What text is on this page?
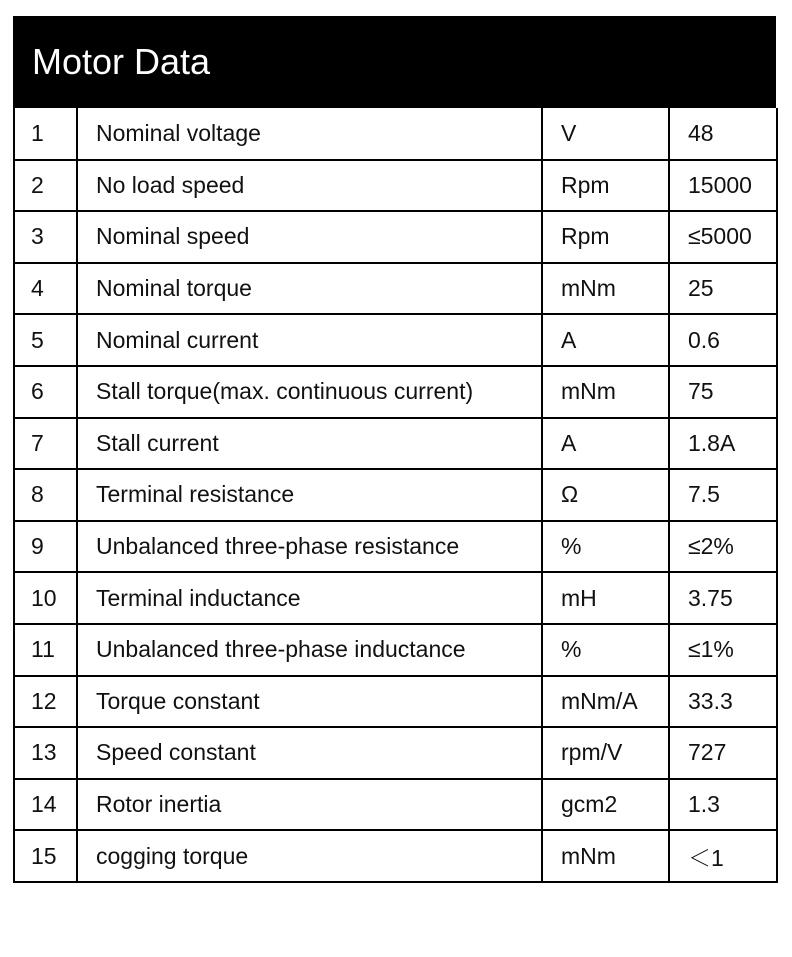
Motor Data
1	Nominal voltage	V	48
2	No load speed	Rpm	15000
3	Nominal speed	Rpm	≤5000
4	Nominal torque	mNm	25
5	Nominal current	A	0.6
6	Stall torque(max. continuous current)	mNm	75
7	Stall current	A	1.8A
8	Terminal resistance	Ω	7.5
9	Unbalanced three-phase resistance	%	≤2%
10	Terminal inductance	mH	3.75
11	Unbalanced three-phase inductance	%	≤1%
12	Torque constant	mNm/A	33.3
13	Speed constant	rpm/V	727
14	Rotor inertia	gcm2	1.3
15	cogging torque	mNm	＜1
